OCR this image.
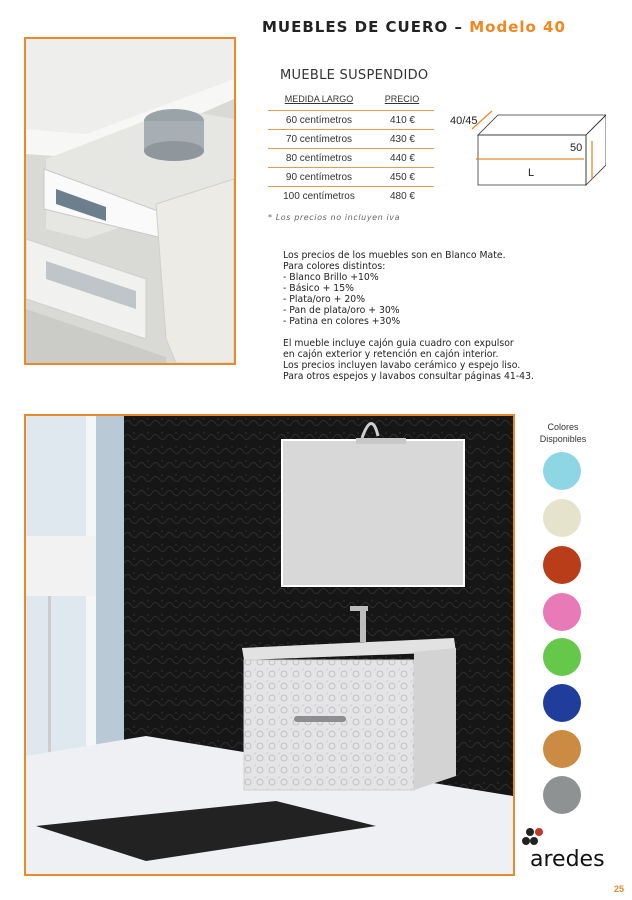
MUEBLES DE CUERO – Modelo 40
MUEBLE SUSPENDIDO
MEDIDA LARGO	PRECIO
60 centímetros	410 €
70 centímetros	430 €
80 centímetros	440 €
90 centímetros	450 €
100 centímetros	480 €
* Los precios no incluyen iva
40/45
L
50

Los precios de los muebles son en Blanco Mate.
Para colores distintos:
- Blanco Brillo +10%
- Básico + 15%
- Plata/oro + 20%
- Pan de plata/oro + 30%
- Patina en colores +30%

El mueble incluye cajón guia cuadro con expulsor
en cajón exterior y retención en cajón interior.
Los precios incluyen lavabo cerámico y espejo liso.
Para otros espejos y lavabos consultar páginas 41-43.

Colores Disponibles
aredes
25
